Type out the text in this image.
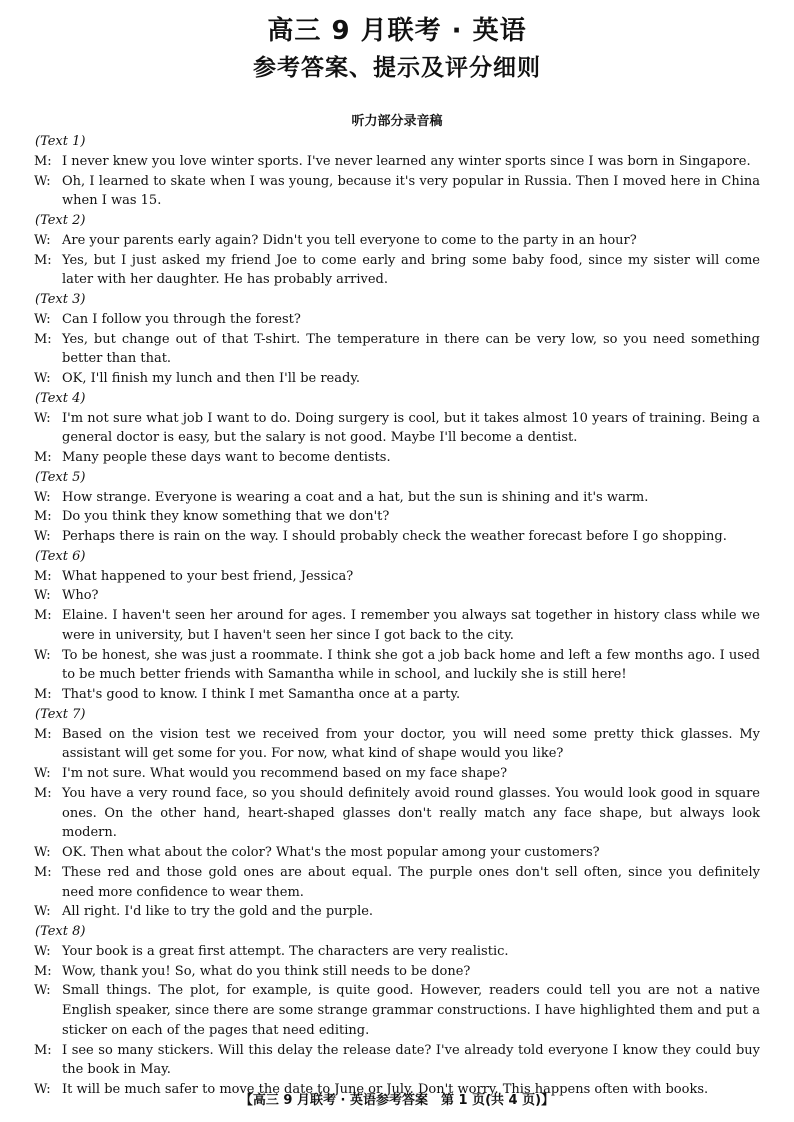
高三 9 月联考 · 英语
参考答案、提示及评分细则
听力部分录音稿
(Text 1)
M: I never knew you love winter sports. I've never learned any winter sports since I was born in Singapore.
W: Oh, I learned to skate when I was young, because it's very popular in Russia. Then I moved here in China when I was 15.
(Text 2)
W: Are your parents early again? Didn't you tell everyone to come to the party in an hour?
M: Yes, but I just asked my friend Joe to come early and bring some baby food, since my sister will come later with her daughter. He has probably arrived.
(Text 3)
W: Can I follow you through the forest?
M: Yes, but change out of that T-shirt. The temperature in there can be very low, so you need something better than that.
W: OK, I'll finish my lunch and then I'll be ready.
(Text 4)
W: I'm not sure what job I want to do. Doing surgery is cool, but it takes almost 10 years of training. Being a general doctor is easy, but the salary is not good. Maybe I'll become a dentist.
M: Many people these days want to become dentists.
(Text 5)
W: How strange. Everyone is wearing a coat and a hat, but the sun is shining and it's warm.
M: Do you think they know something that we don't?
W: Perhaps there is rain on the way. I should probably check the weather forecast before I go shopping.
(Text 6)
M: What happened to your best friend, Jessica?
W: Who?
M: Elaine. I haven't seen her around for ages. I remember you always sat together in history class while we were in university, but I haven't seen her since I got back to the city.
W: To be honest, she was just a roommate. I think she got a job back home and left a few months ago. I used to be much better friends with Samantha while in school, and luckily she is still here!
M: That's good to know. I think I met Samantha once at a party.
(Text 7)
M: Based on the vision test we received from your doctor, you will need some pretty thick glasses. My assistant will get some for you. For now, what kind of shape would you like?
W: I'm not sure. What would you recommend based on my face shape?
M: You have a very round face, so you should definitely avoid round glasses. You would look good in square ones. On the other hand, heart-shaped glasses don't really match any face shape, but always look modern.
W: OK. Then what about the color? What's the most popular among your customers?
M: These red and those gold ones are about equal. The purple ones don't sell often, since you definitely need more confidence to wear them.
W: All right. I'd like to try the gold and the purple.
(Text 8)
W: Your book is a great first attempt. The characters are very realistic.
M: Wow, thank you! So, what do you think still needs to be done?
W: Small things. The plot, for example, is quite good. However, readers could tell you are not a native English speaker, since there are some strange grammar constructions. I have highlighted them and put a sticker on each of the pages that need editing.
M: I see so many stickers. Will this delay the release date? I've already told everyone I know they could buy the book in May.
W: It will be much safer to move the date to June or July. Don't worry. This happens often with books.
【高三 9 月联考 · 英语参考答案　第 1 页(共 4 页)】
